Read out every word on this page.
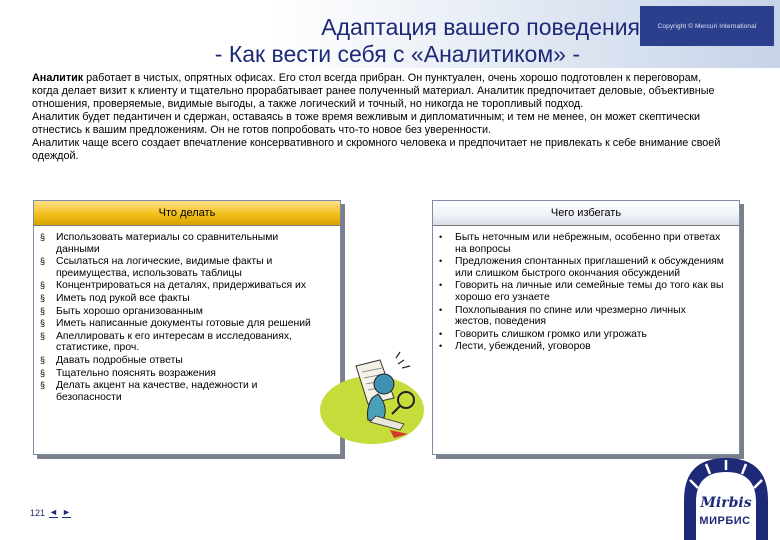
Адаптация вашего поведения
- Как вести себя с «Аналитиком» -
Copyright © Mercuri International
Аналитик работает в чистых, опрятных офисах. Его стол всегда прибран. Он пунктуален, очень хорошо подготовлен к переговорам, когда делает визит к клиенту и тщательно прорабатывает ранее полученный материал. Аналитик предпочитает деловые, объективные отношения, проверяемые, видимые выгоды, а также логический и точный, но никогда не торопливый подход.
Аналитик будет педантичен и сдержан, оставаясь в тоже время вежливым и дипломатичным; и тем не менее, он может скептически отнестись к вашим предложениям. Он не готов попробовать что-то новое без уверенности.
Аналитик чаще всего создает впечатление консервативного и скромного человека и предпочитает не привлекать к себе внимание своей одеждой.
Что делать
§ Использовать материалы со сравнительными данными
§ Ссылаться на логические, видимые факты и преимущества, использовать таблицы
§ Концентрироваться на деталях, придерживаться их
§ Иметь под рукой все факты
§ Быть хорошо организованным
§ Иметь написанные документы готовые для решений
§ Апеллировать к его интересам в исследованиях, статистике, проч.
§ Давать подробные ответы
§ Тщательно пояснять возражения
§ Делать акцент на качестве, надежности и безопасности
Чего избегать
• Быть неточным или небрежным, особенно при ответах на вопросы
• Предложения спонтанных приглашений к обсуждениям или слишком быстрого окончания обсуждений
• Говорить на личные или семейные темы до того как вы хорошо его узнаете
• Похлопывания по спине или чрезмерно личных жестов, поведения
• Говорить слишком громко или угрожать
• Лести, убеждений, уговоров
121 ◄ ►
Mirbis
МИРБИС
